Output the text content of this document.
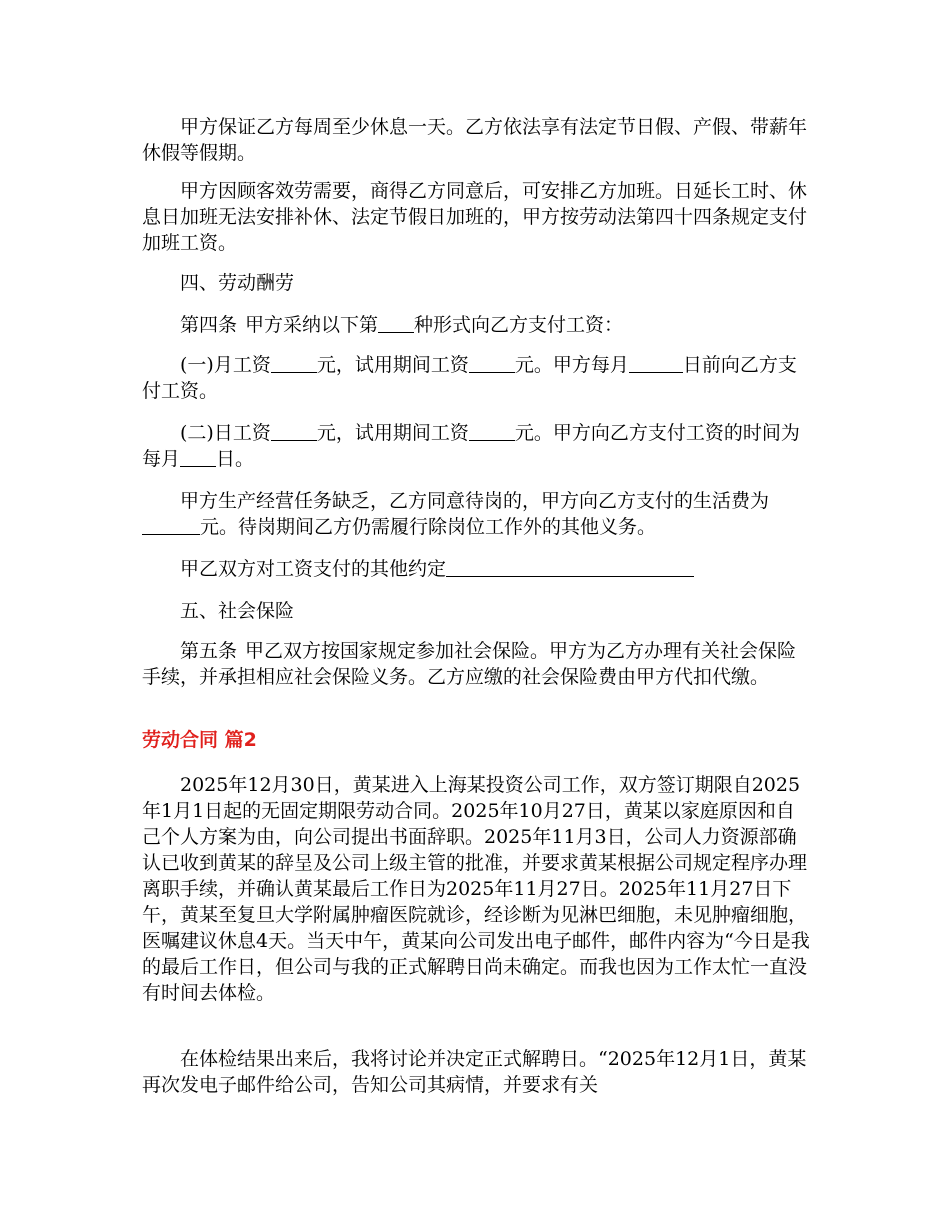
甲方保证乙方每周至少休息一天。乙方依法享有法定节日假、产假、带薪年休假等假期。

甲方因顾客效劳需要，商得乙方同意后，可安排乙方加班。日延长工时、休息日加班无法安排补休、法定节假日加班的，甲方按劳动法第四十四条规定支付加班工资。

四、劳动酬劳

第四条 甲方采纳以下第 种形式向乙方支付工资：

(一)月工资 元，试用期间工资 元。甲方每月	日前向乙方支付工资。

(二)日工资 元，试用期间工资 元。甲方向乙方支付工资的时间为每月 日。

甲方生产经营任务缺乏，乙方同意待岗的，甲方向乙方支付的生活费为元。待岗期间乙方仍需履行除岗位工作外的其他义务。

甲乙双方对工资支付的其他约定

五、社会保险

第五条 甲乙双方按国家规定参加社会保险。甲方为乙方办理有关社会保险手续，并承担相应社会保险义务。乙方应缴的社会保险费由甲方代扣代缴。

劳动合同 篇2

2025年12月30日，黄某进入上海某投资公司工作，双方签订期限自2025年1月1日起的无固定期限劳动合同。2025年10月27日，黄某以家庭原因和自己个人方案为由，向公司提出书面辞职。2025年11月3日，公司人力资源部确认已收到黄某的辞呈及公司上级主管的批准，并要求黄某根据公司规定程序办理离职手续，并确认黄某最后工作日为2025年11月27日。2025年11月27日下午，黄某至复旦大学附属肿瘤医院就诊，经诊断为见淋巴细胞，未见肿瘤细胞，医嘱建议休息4天。当天中午，黄某向公司发出电子邮件，邮件内容为“今日是我的最后工作日，但公司与我的正式解聘日尚未确定。而我也因为工作太忙一直没有时间去体检。

在体检结果出来后，我将讨论并决定正式解聘日。“2025年12月1日，黄某再次发电子邮件给公司，告知公司其病情，并要求有关
